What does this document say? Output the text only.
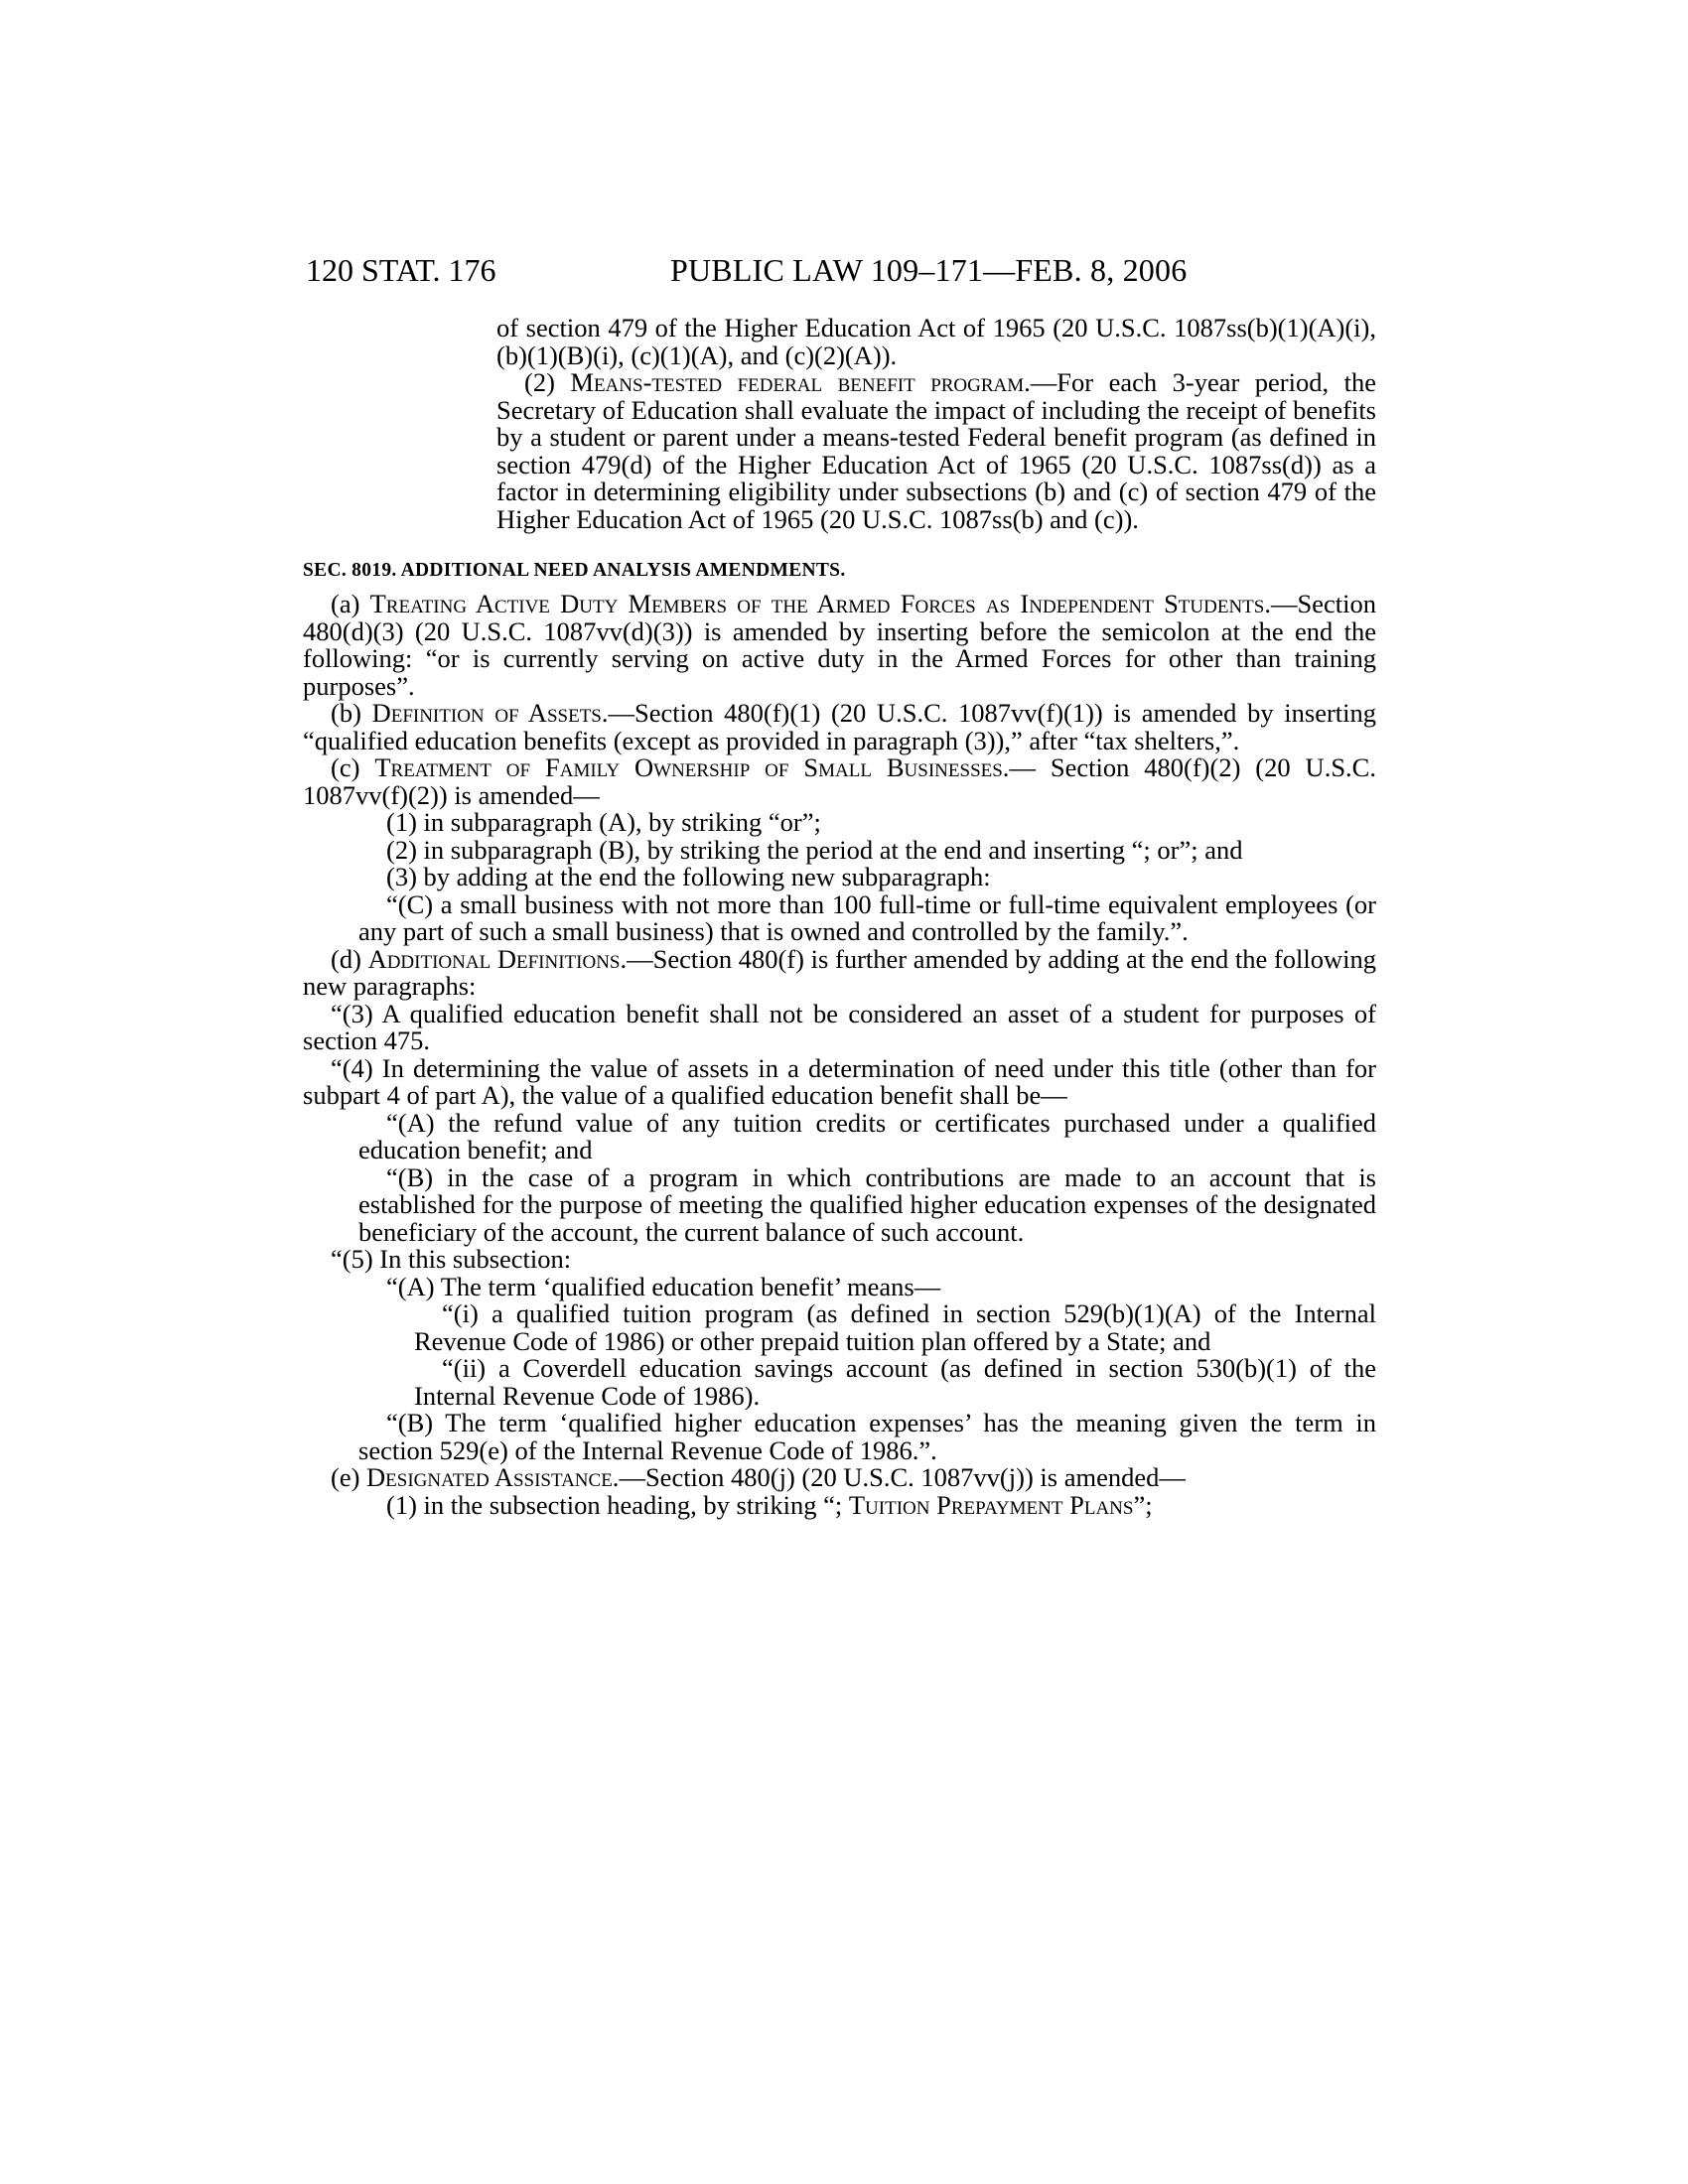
120 STAT. 176	PUBLIC LAW 109–171—FEB. 8, 2006

of section 479 of the Higher Education Act of 1965 (20 U.S.C. 1087ss(b)(1)(A)(i), (b)(1)(B)(i), (c)(1)(A), and (c)(2)(A)).

(2) Means-tested federal benefit program.—For each 3-year period, the Secretary of Education shall evaluate the impact of including the receipt of benefits by a student or parent under a means-tested Federal benefit program (as defined in section 479(d) of the Higher Education Act of 1965 (20 U.S.C. 1087ss(d)) as a factor in determining eligibility under subsections (b) and (c) of section 479 of the Higher Education Act of 1965 (20 U.S.C. 1087ss(b) and (c)).

SEC. 8019. ADDITIONAL NEED ANALYSIS AMENDMENTS.

(a) Treating Active Duty Members of the Armed Forces as Independent Students.—Section 480(d)(3) (20 U.S.C. 1087vv(d)(3)) is amended by inserting before the semicolon at the end the following: “or is currently serving on active duty in the Armed Forces for other than training purposes”.

(b) Definition of Assets.—Section 480(f)(1) (20 U.S.C. 1087vv(f)(1)) is amended by inserting “qualified education benefits (except as provided in paragraph (3)),” after “tax shelters,”.

(c) Treatment of Family Ownership of Small Businesses.— Section 480(f)(2) (20 U.S.C. 1087vv(f)(2)) is amended—

(1) in subparagraph (A), by striking “or”;

(2) in subparagraph (B), by striking the period at the end and inserting “; or”; and

(3) by adding at the end the following new subparagraph:

“(C) a small business with not more than 100 full-time or full-time equivalent employees (or any part of such a small business) that is owned and controlled by the family.”.

(d) Additional Definitions.—Section 480(f) is further amended by adding at the end the following new paragraphs:

“(3) A qualified education benefit shall not be considered an asset of a student for purposes of section 475.

“(4) In determining the value of assets in a determination of need under this title (other than for subpart 4 of part A), the value of a qualified education benefit shall be—

“(A) the refund value of any tuition credits or certificates purchased under a qualified education benefit; and

“(B) in the case of a program in which contributions are made to an account that is established for the purpose of meeting the qualified higher education expenses of the designated beneficiary of the account, the current balance of such account.

“(5) In this subsection:

“(A) The term ‘qualified education benefit’ means—

“(i) a qualified tuition program (as defined in section 529(b)(1)(A) of the Internal Revenue Code of 1986) or other prepaid tuition plan offered by a State; and

“(ii) a Coverdell education savings account (as defined in section 530(b)(1) of the Internal Revenue Code of 1986).

“(B) The term ‘qualified higher education expenses’ has the meaning given the term in section 529(e) of the Internal Revenue Code of 1986.”.

(e) Designated Assistance.—Section 480(j) (20 U.S.C. 1087vv(j)) is amended—

(1) in the subsection heading, by striking “; Tuition Prepayment Plans”;
